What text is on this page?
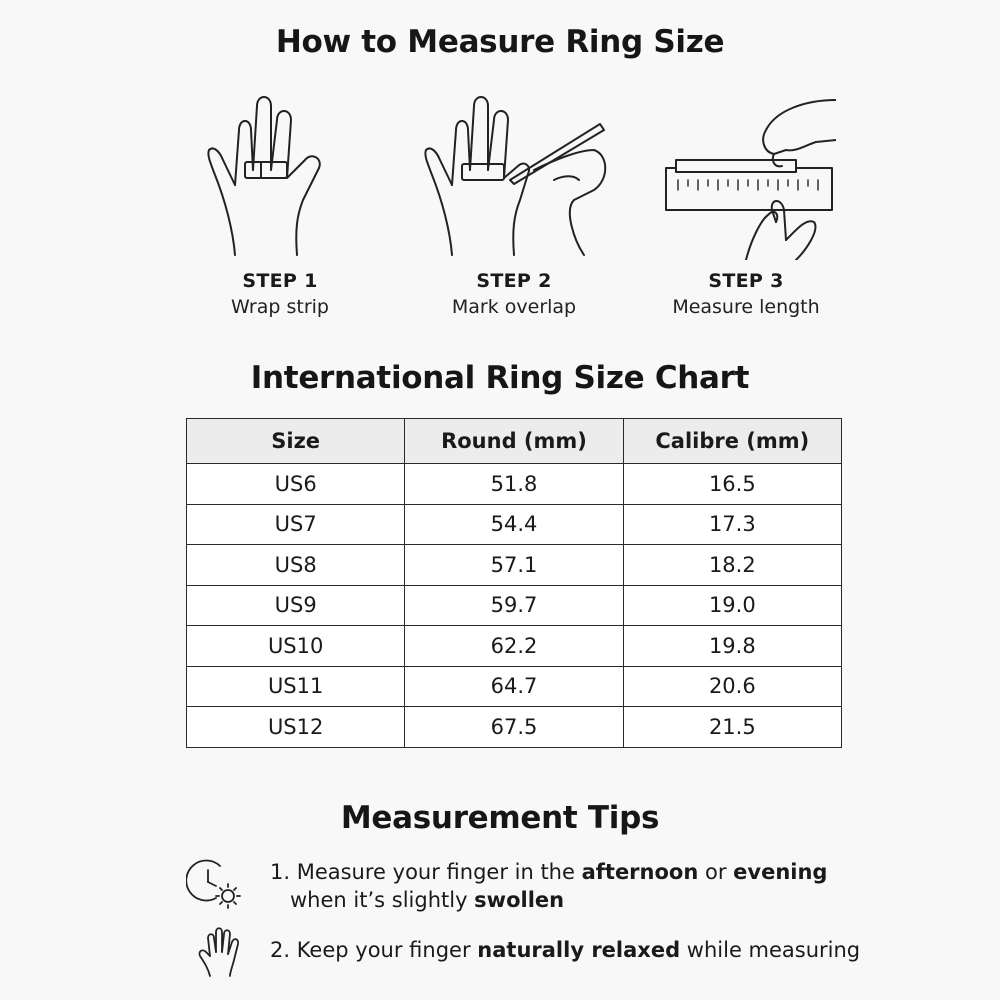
How to Measure Ring Size
STEP 1
Wrap strip
STEP 2
Mark overlap
STEP 3
Measure length
International Ring Size Chart
Size	Round (mm)	Calibre (mm)
US6	51.8	16.5
US7	54.4	17.3
US8	57.1	18.2
US9	59.7	19.0
US10	62.2	19.8
US11	64.7	20.6
US12	67.5	21.5
Measurement Tips
1. Measure your finger in the afternoon or evening
when it’s slightly swollen
2. Keep your finger naturally relaxed while measuring
